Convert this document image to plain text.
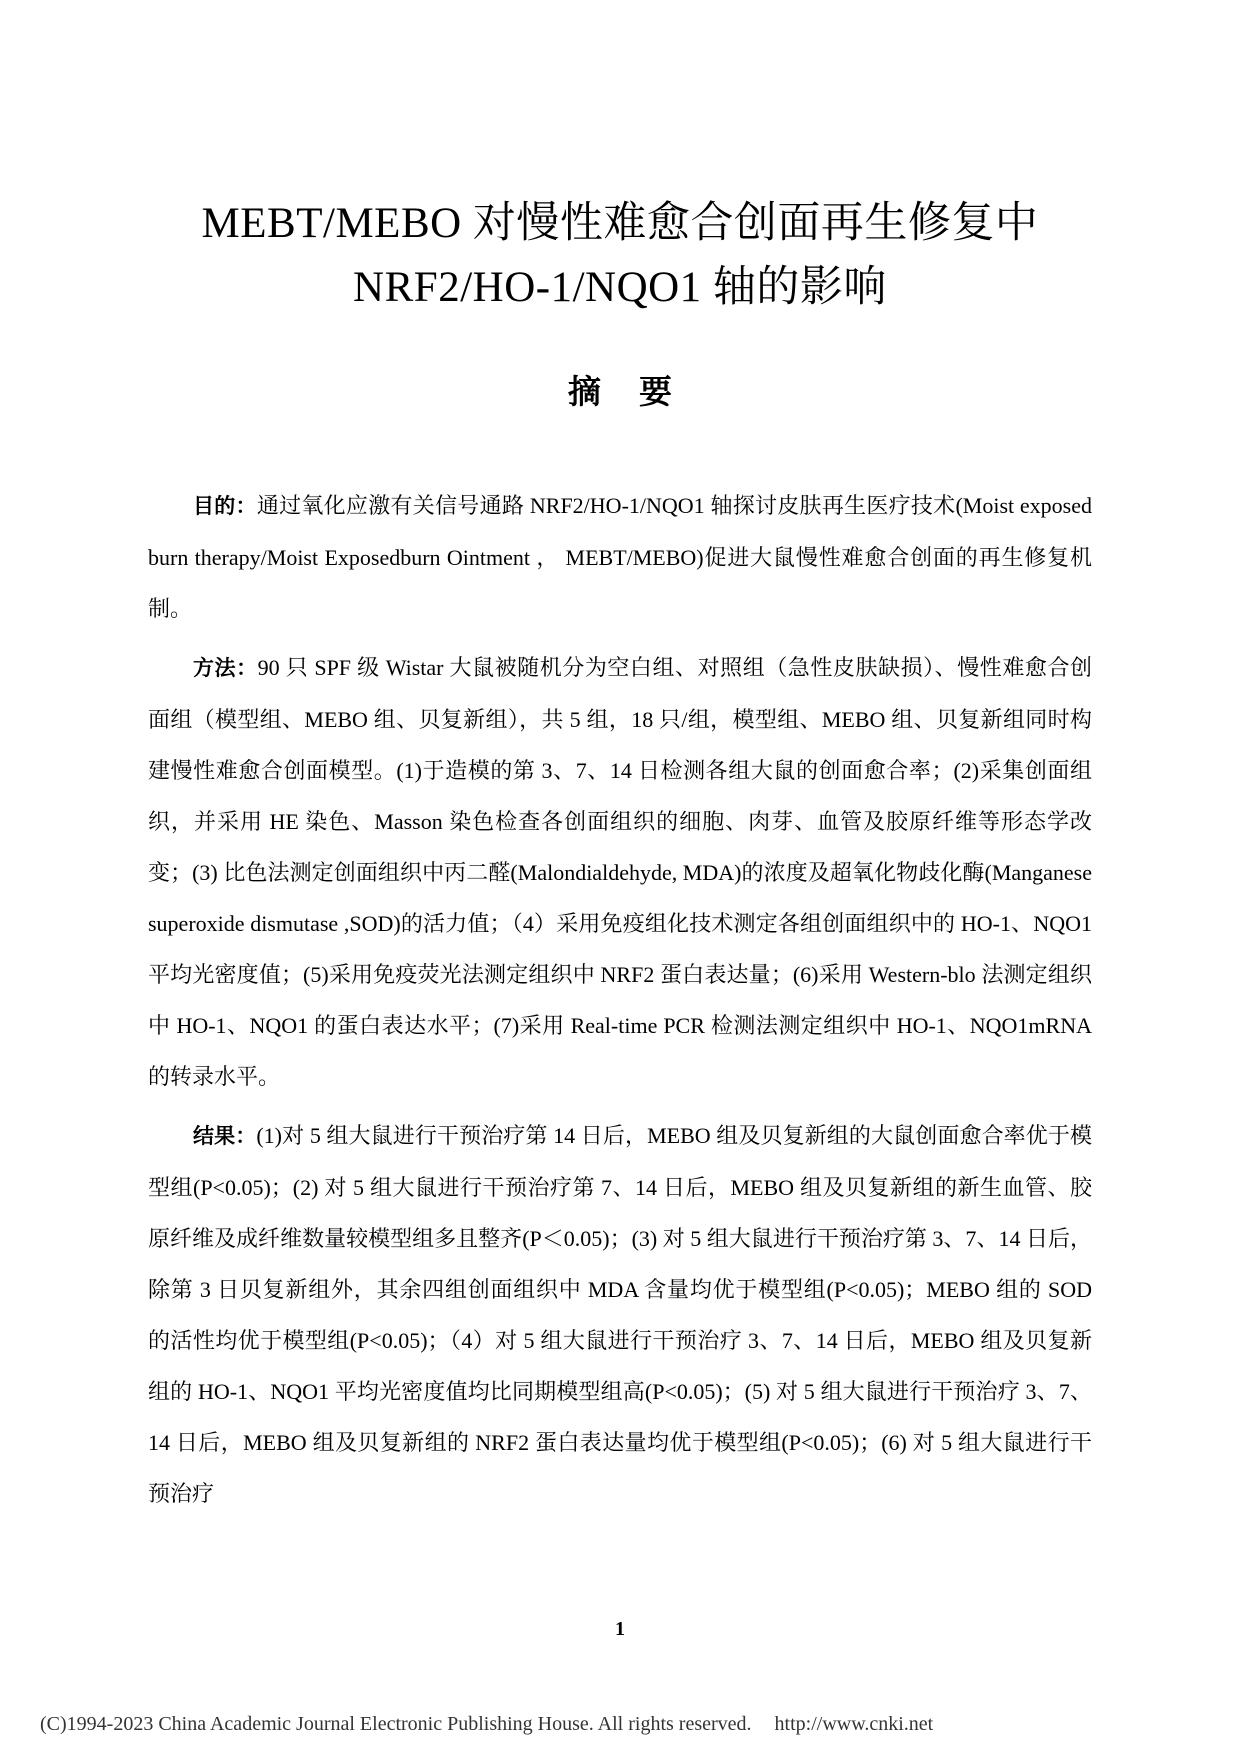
MEBT/MEBO 对慢性难愈合创面再生修复中
NRF2/HO-1/NQO1 轴的影响
摘要

目的：通过氧化应激有关信号通路 NRF2/HO-1/NQO1 轴探讨皮肤再生医疗技术(Moist exposed burn therapy/Moist Exposedburn Ointment ， MEBT/MEBO)促进大鼠慢性难愈合创面的再生修复机制。

方法：90 只 SPF 级 Wistar 大鼠被随机分为空白组、对照组（急性皮肤缺损）、慢性难愈合创面组（模型组、MEBO 组、贝复新组），共 5 组，18 只/组，模型组、MEBO 组、贝复新组同时构建慢性难愈合创面模型。(1)于造模的第 3、7、14 日检测各组大鼠的创面愈合率；(2)采集创面组织，并采用 HE 染色、Masson 染色检查各创面组织的细胞、肉芽、血管及胶原纤维等形态学改变；(3) 比色法测定创面组织中丙二醛(Malondialdehyde, MDA)的浓度及超氧化物歧化酶(Manganese superoxide dismutase ,SOD)的活力值；（4）采用免疫组化技术测定各组创面组织中的 HO-1、NQO1 平均光密度值；(5)采用免疫荧光法测定组织中 NRF2 蛋白表达量；(6)采用 Western-blo 法测定组织中 HO-1、NQO1 的蛋白表达水平；(7)采用 Real-time PCR 检测法测定组织中 HO-1、NQO1mRNA 的转录水平。

结果：(1)对 5 组大鼠进行干预治疗第 14 日后，MEBO 组及贝复新组的大鼠创面愈合率优于模型组(P<0.05)；(2) 对 5 组大鼠进行干预治疗第 7、14 日后，MEBO 组及贝复新组的新生血管、胶原纤维及成纤维数量较模型组多且整齐(P＜0.05)；(3) 对 5 组大鼠进行干预治疗第 3、7、14 日后，除第 3 日贝复新组外，其余四组创面组织中 MDA 含量均优于模型组(P<0.05)；MEBO 组的 SOD 的活性均优于模型组(P<0.05)；（4）对 5 组大鼠进行干预治疗 3、7、14 日后，MEBO 组及贝复新组的 HO-1、NQO1 平均光密度值均比同期模型组高(P<0.05)；(5) 对 5 组大鼠进行干预治疗 3、7、14 日后，MEBO 组及贝复新组的 NRF2 蛋白表达量均优于模型组(P<0.05)；(6) 对 5 组大鼠进行干预治疗

1
(C)1994-2023 China Academic Journal Electronic Publishing House. All rights reserved. http://www.cnki.net
